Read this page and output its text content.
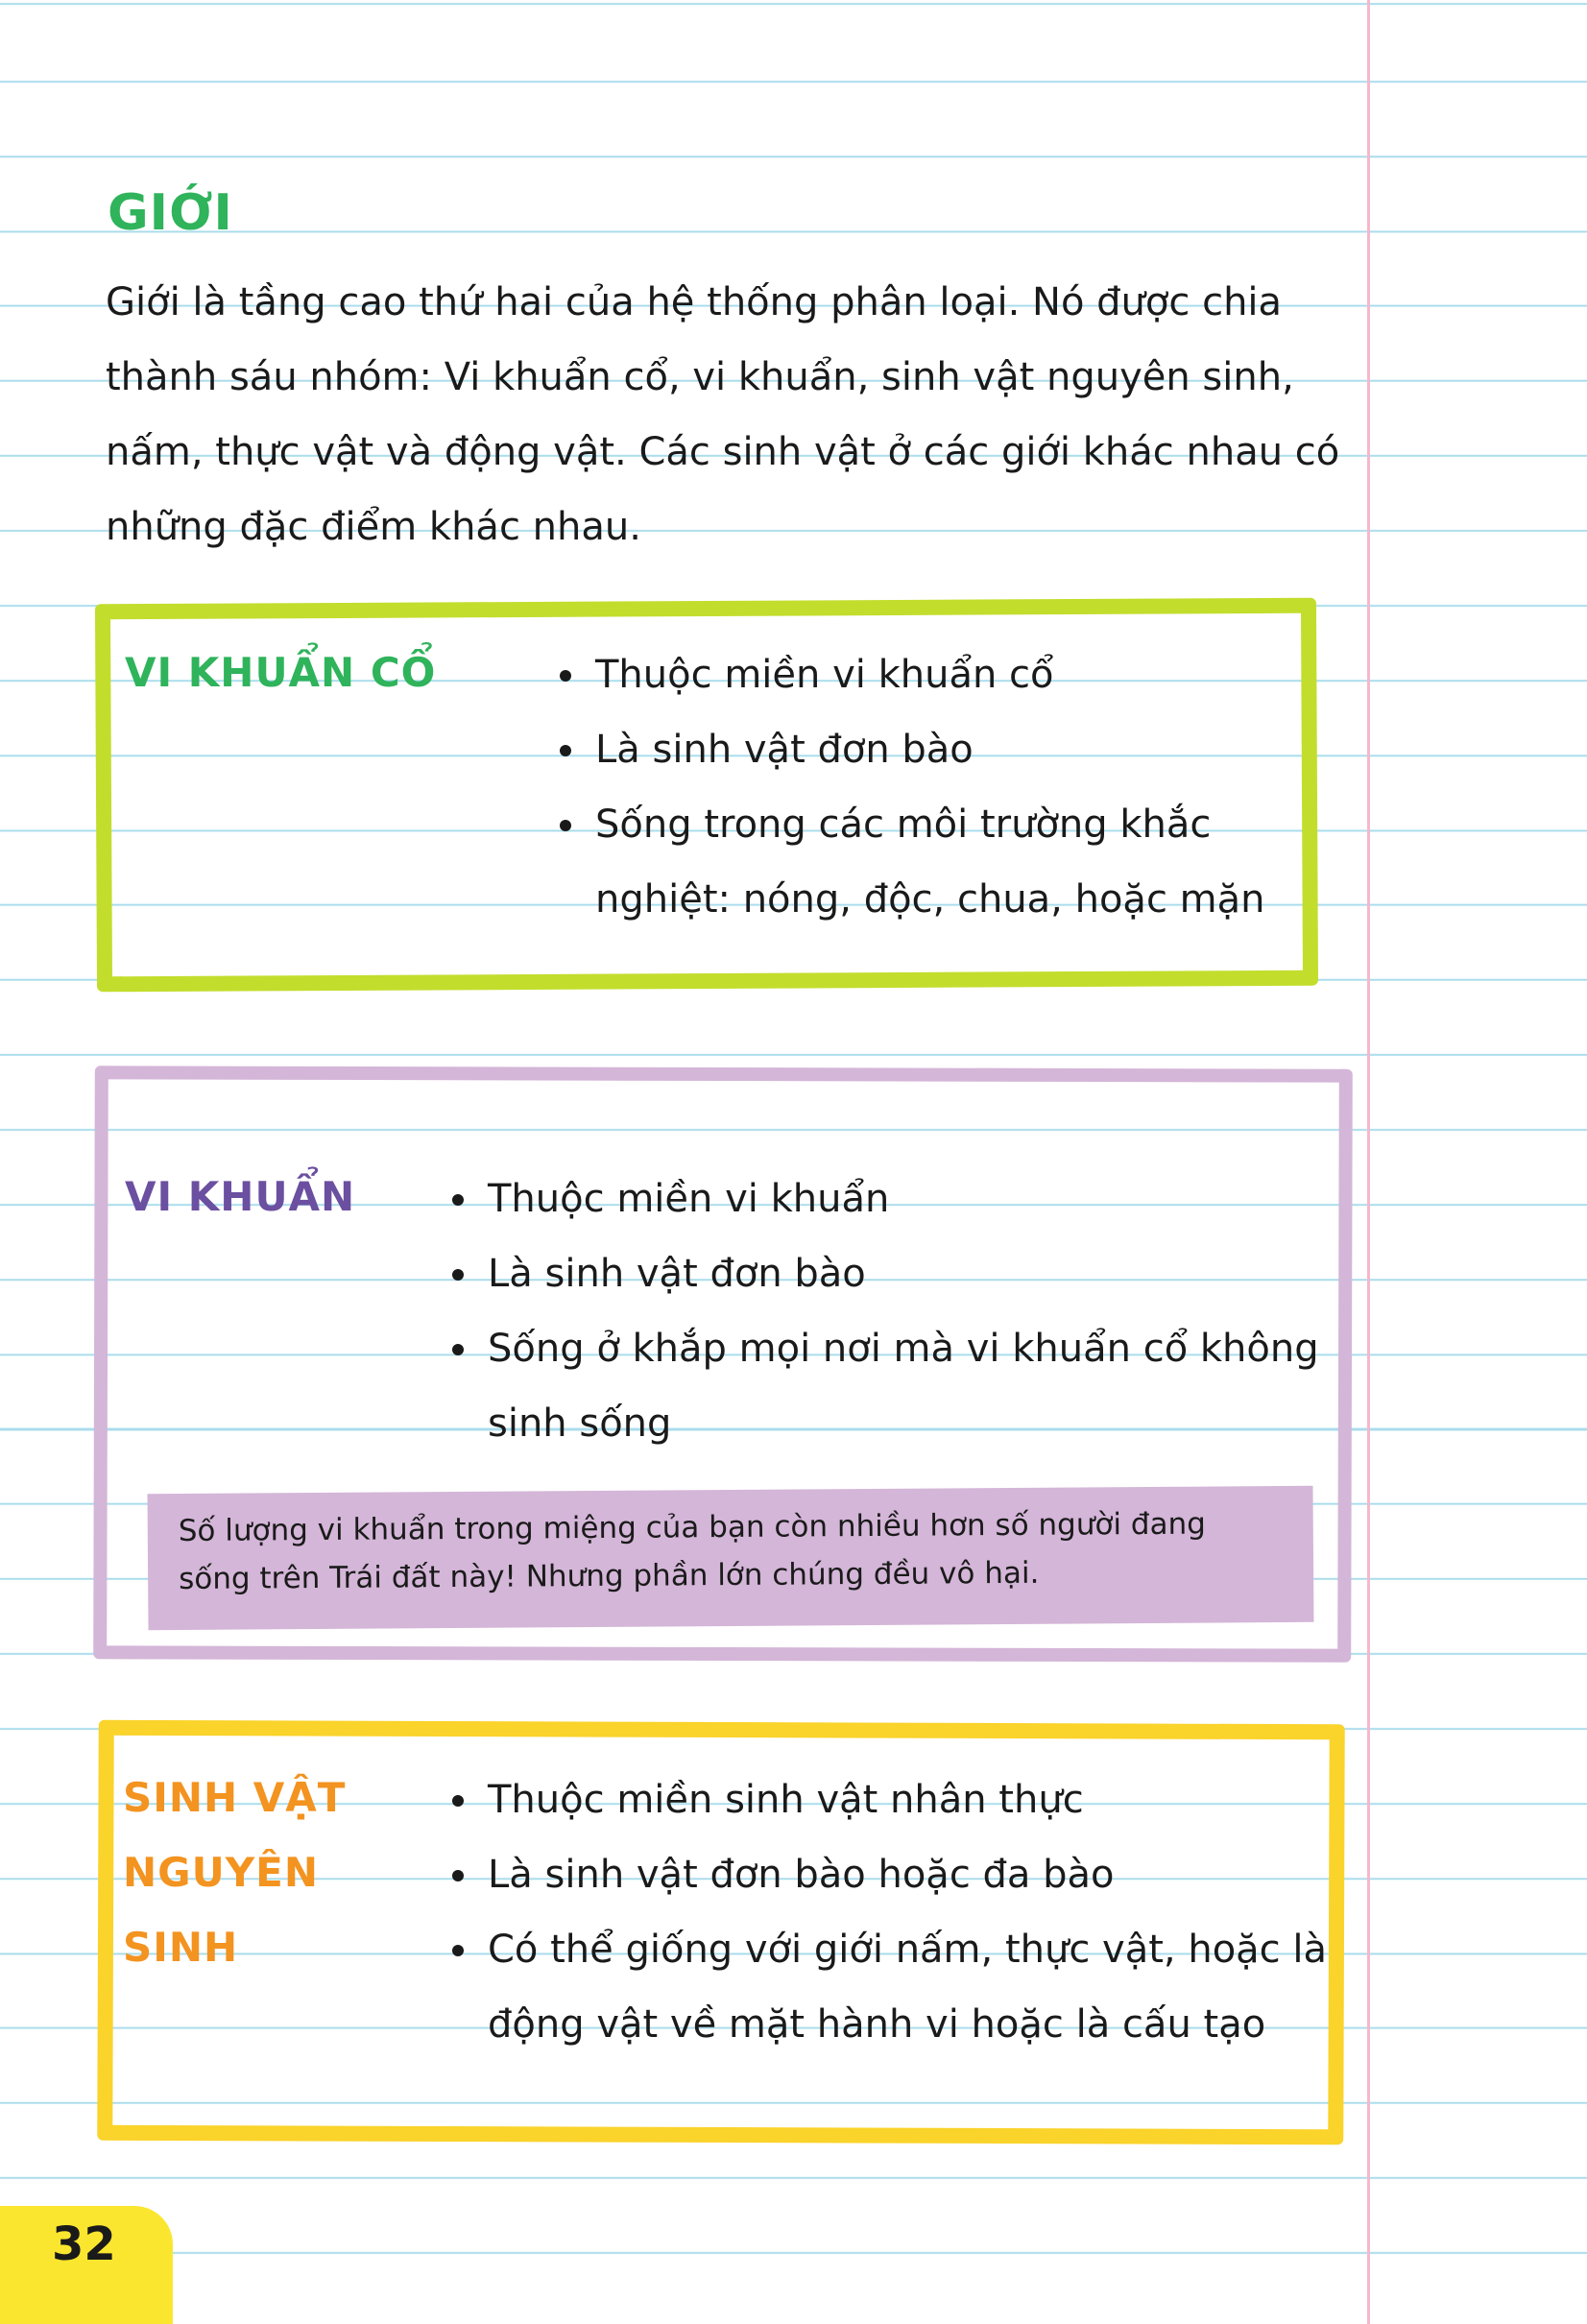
GIỚI

Giới là tầng cao thứ hai của hệ thống phân loại. Nó được chia thành sáu nhóm: Vi khuẩn cổ, vi khuẩn, sinh vật nguyên sinh, nấm, thực vật và động vật. Các sinh vật ở các giới khác nhau có những đặc điểm khác nhau.

VI KHUẨN CỔ	• Thuộc miền vi khuẩn cổ
• Là sinh vật đơn bào
• Sống trong các môi trường khắc nghiệt: nóng, độc, chua, hoặc mặn
VI KHUẨN	• Thuộc miền vi khuẩn
• Là sinh vật đơn bào
• Sống ở khắp mọi nơi mà vi khuẩn cổ không sinh sống
Số lượng vi khuẩn trong miệng của bạn còn nhiều hơn số người đang sống trên Trái đất này! Nhưng phần lớn chúng đều vô hại.
SINH VẬT NGUYÊN SINH
• Thuộc miền sinh vật nhân thực
• Là sinh vật đơn bào hoặc đa bào
• Có thể giống với giới nấm, thực vật, hoặc là động vật về mặt hành vi hoặc là cấu tạo

32
